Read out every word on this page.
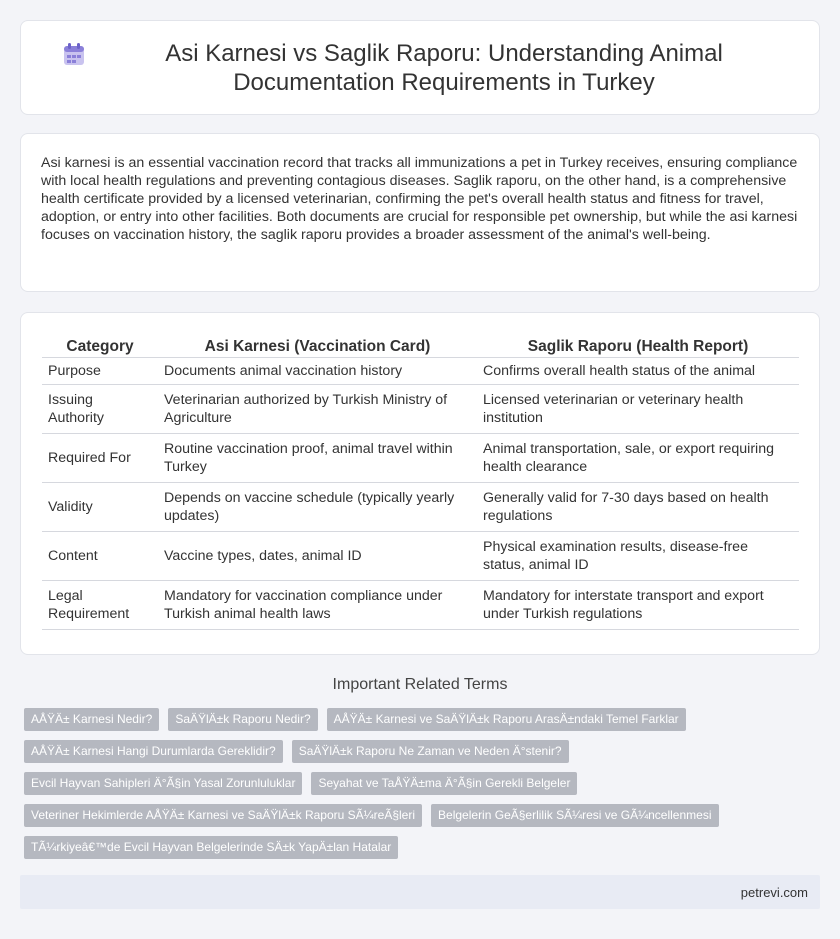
Asi Karnesi vs Saglik Raporu: Understanding Animal Documentation Requirements in Turkey

Asi karnesi is an essential vaccination record that tracks all immunizations a pet in Turkey receives, ensuring compliance with local health regulations and preventing contagious diseases. Saglik raporu, on the other hand, is a comprehensive health certificate provided by a licensed veterinarian, confirming the pet's overall health status and fitness for travel, adoption, or entry into other facilities. Both documents are crucial for responsible pet ownership, but while the asi karnesi focuses on vaccination history, the saglik raporu provides a broader assessment of the animal's well-being.

Category	Asi Karnesi (Vaccination Card)	Saglik Raporu (Health Report)
Purpose	Documents animal vaccination history	Confirms overall health status of the animal
Issuing Authority	Veterinarian authorized by Turkish Ministry of Agriculture	Licensed veterinarian or veterinary health institution
Required For	Routine vaccination proof, animal travel within Turkey	Animal transportation, sale, or export requiring health clearance
Validity	Depends on vaccine schedule (typically yearly updates)	Generally valid for 7-30 days based on health regulations
Content	Vaccine types, dates, animal ID	Physical examination results, disease-free status, animal ID
Legal Requirement	Mandatory for vaccination compliance under Turkish animal health laws	Mandatory for interstate transport and export under Turkish regulations
Important Related Terms
AÅŸÄ± Karnesi Nedir?	SaÄŸlÄ±k Raporu Nedir?	AÅŸÄ± Karnesi ve SaÄŸlÄ±k Raporu ArasÄ±ndaki Temel Farklar
AÅŸÄ± Karnesi Hangi Durumlarda Gereklidir?	SaÄŸlÄ±k Raporu Ne Zaman ve Neden Ä°stenir?
Evcil Hayvan Sahipleri Ä°Ã§in Yasal Zorunluluklar	Seyahat ve TaÅŸÄ±ma Ä°Ã§in Gerekli Belgeler
Veteriner Hekimlerde AÅŸÄ± Karnesi ve SaÄŸlÄ±k Raporu SÃ¼reÃ§leri	Belgelerin GeÃ§erlilik SÃ¼resi ve GÃ¼ncellenmesi
TÃ¼rkiyeâ€™de Evcil Hayvan Belgelerinde SÄ±k YapÄ±lan Hatalar
petrevi.com
